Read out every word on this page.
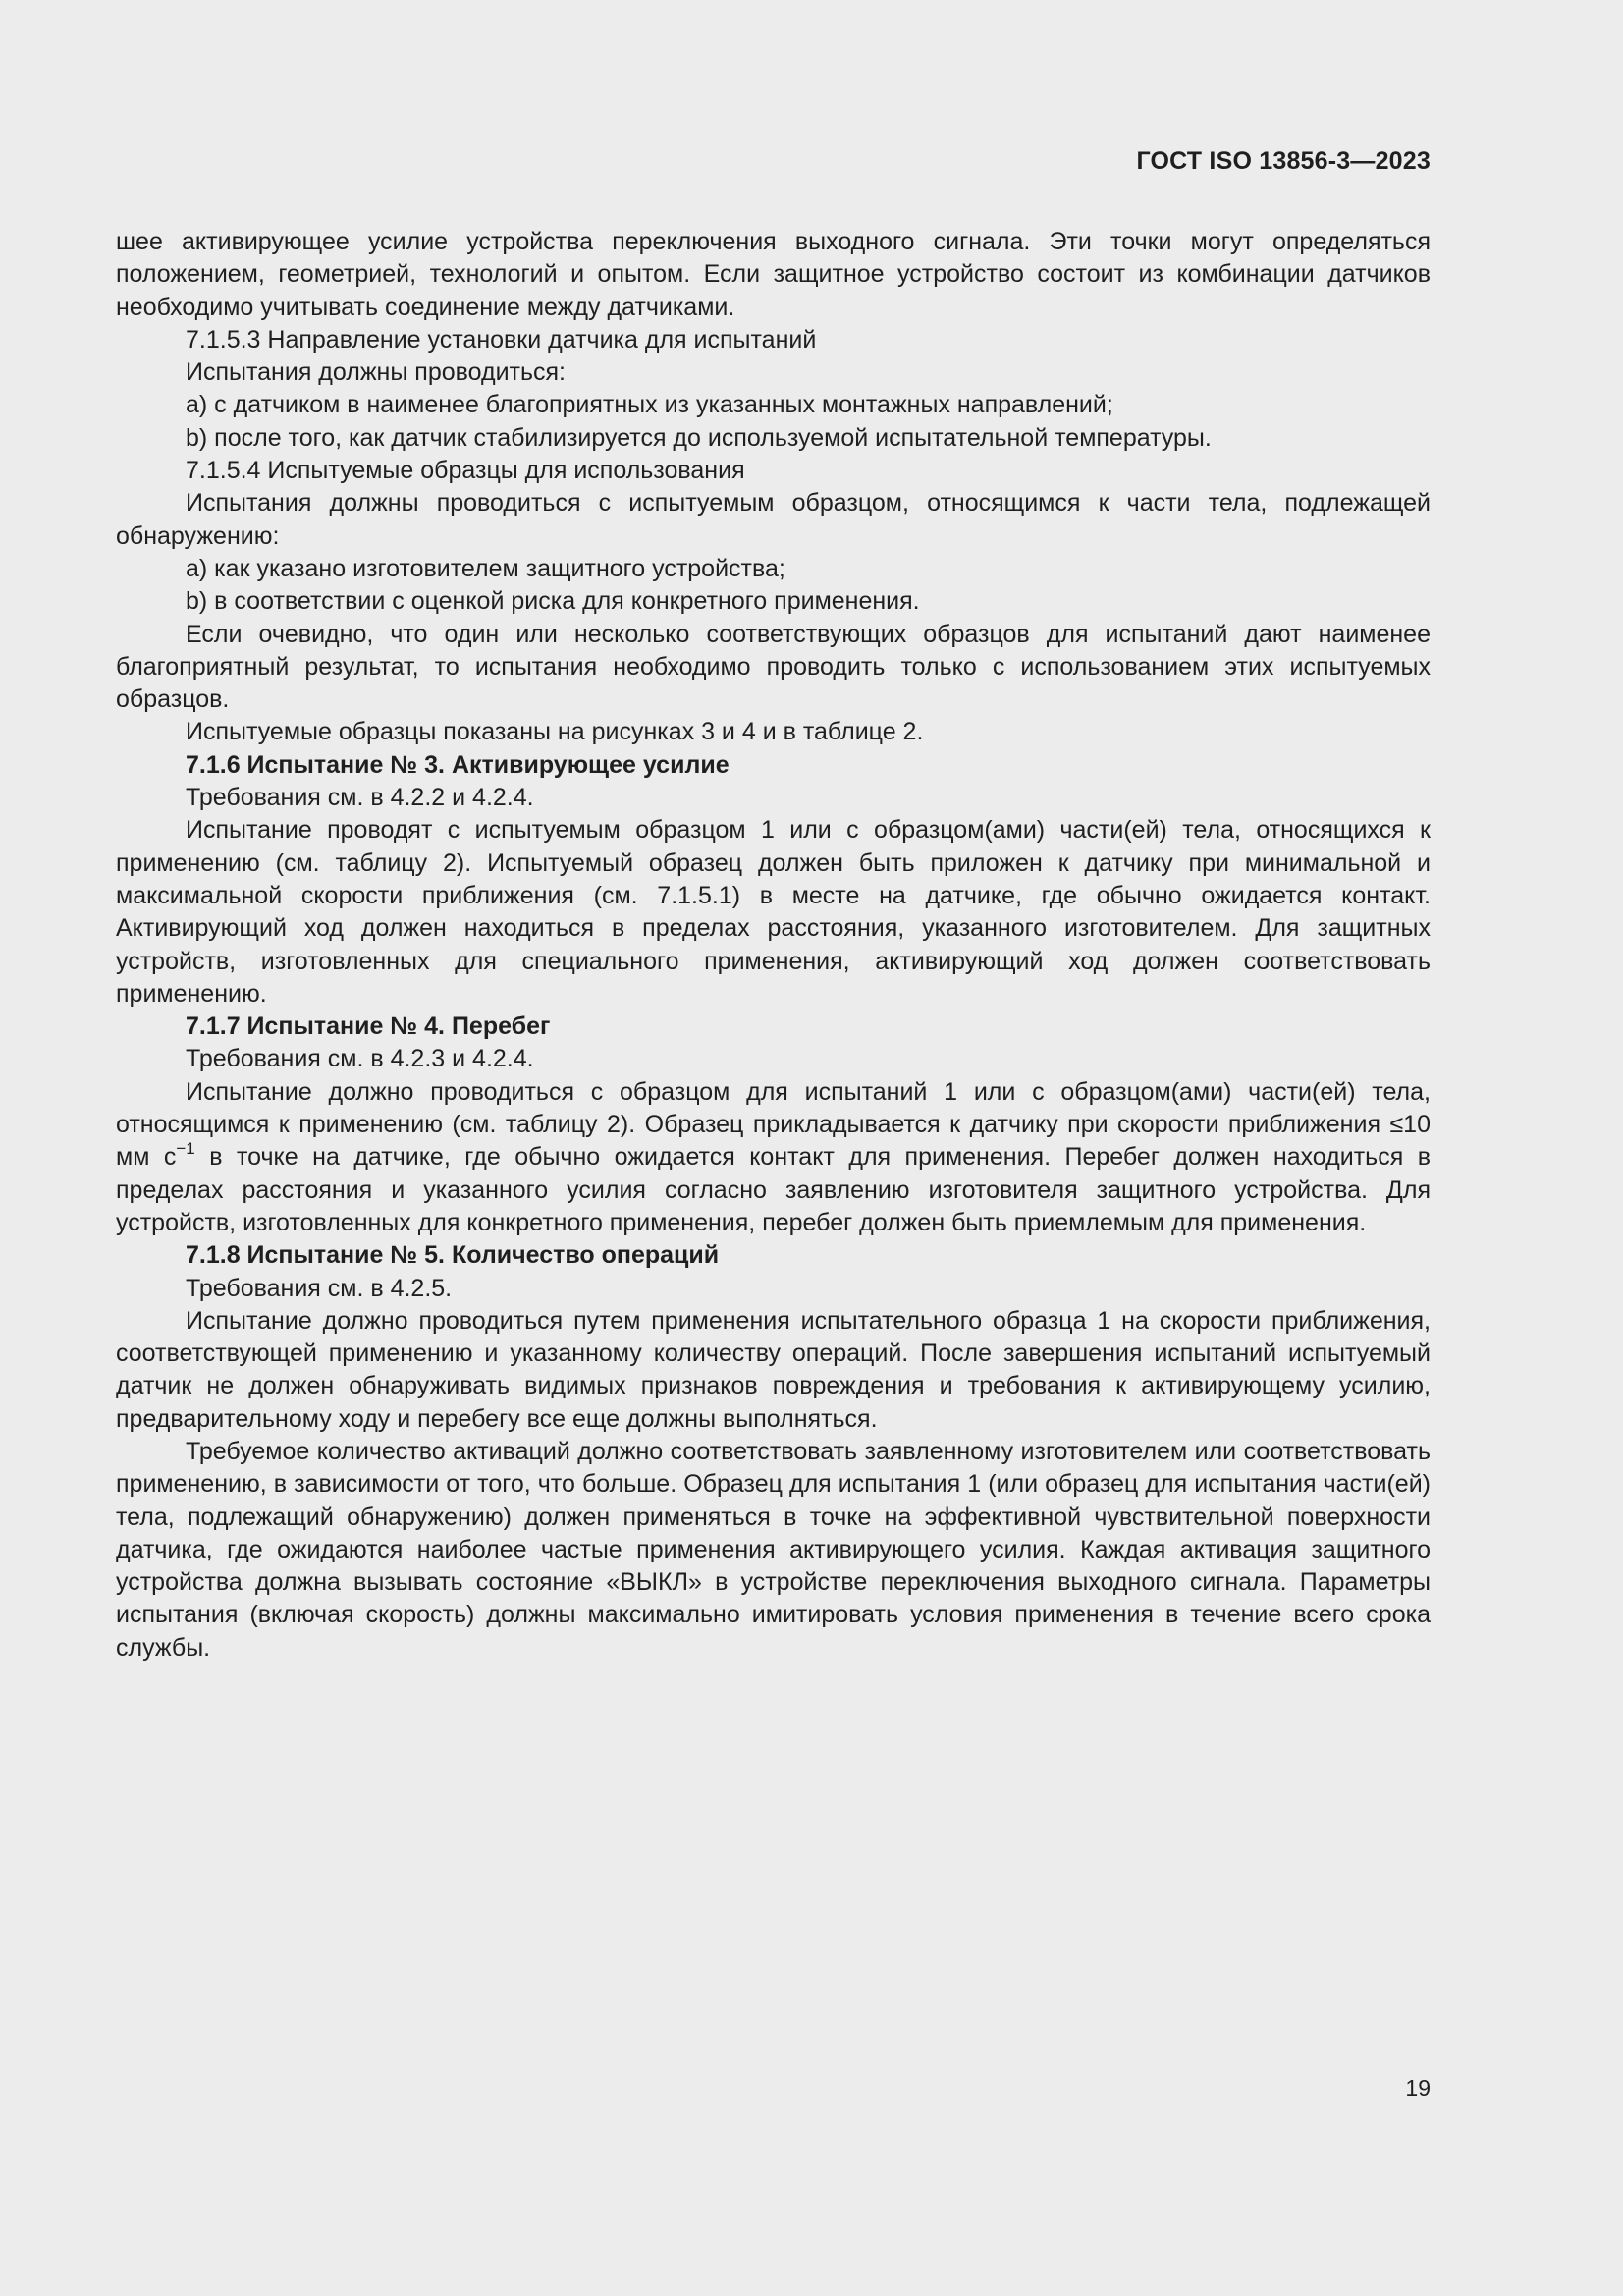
ГОСТ ISO 13856-3—2023

шее активирующее усилие устройства переключения выходного сигнала. Эти точки могут определяться положением, геометрией, технологий и опытом. Если защитное устройство состоит из комбинации датчиков необходимо учитывать соединение между датчиками.

7.1.5.3 Направление установки датчика для испытаний

Испытания должны проводиться:

a) с датчиком в наименее благоприятных из указанных монтажных направлений;

b) после того, как датчик стабилизируется до используемой испытательной температуры.

7.1.5.4 Испытуемые образцы для использования

Испытания должны проводиться с испытуемым образцом, относящимся к части тела, подлежащей обнаружению:

a) как указано изготовителем защитного устройства;

b) в соответствии с оценкой риска для конкретного применения.

Если очевидно, что один или несколько соответствующих образцов для испытаний дают наименее благоприятный результат, то испытания необходимо проводить только с использованием этих испытуемых образцов.

Испытуемые образцы показаны на рисунках 3 и 4 и в таблице 2.

7.1.6 Испытание № 3. Активирующее усилие

Требования см. в 4.2.2 и 4.2.4.

Испытание проводят с испытуемым образцом 1 или с образцом(ами) части(ей) тела, относящихся к применению (см. таблицу 2). Испытуемый образец должен быть приложен к датчику при минимальной и максимальной скорости приближения (см. 7.1.5.1) в месте на датчике, где обычно ожидается контакт. Активирующий ход должен находиться в пределах расстояния, указанного изготовителем. Для защитных устройств, изготовленных для специального применения, активирующий ход должен соответствовать применению.

7.1.7 Испытание № 4. Перебег

Требования см. в 4.2.3 и 4.2.4.

Испытание должно проводиться с образцом для испытаний 1 или с образцом(ами) части(ей) тела, относящимся к применению (см. таблицу 2). Образец прикладывается к датчику при скорости приближения ≤10 мм $с^{-1}$ в точке на датчике, где обычно ожидается контакт для применения. Перебег должен находиться в пределах расстояния и указанного усилия согласно заявлению изготовителя защитного устройства. Для устройств, изготовленных для конкретного применения, перебег должен быть приемлемым для применения.

7.1.8 Испытание № 5. Количество операций

Требования см. в 4.2.5.

Испытание должно проводиться путем применения испытательного образца 1 на скорости приближения, соответствующей применению и указанному количеству операций. После завершения испытаний испытуемый датчик не должен обнаруживать видимых признаков повреждения и требования к активирующему усилию, предварительному ходу и перебегу все еще должны выполняться.

Требуемое количество активаций должно соответствовать заявленному изготовителем или соответствовать применению, в зависимости от того, что больше. Образец для испытания 1 (или образец для испытания части(ей) тела, подлежащий обнаружению) должен применяться в точке на эффективной чувствительной поверхности датчика, где ожидаются наиболее частые применения активирующего усилия. Каждая активация защитного устройства должна вызывать состояние «ВЫКЛ» в устройстве переключения выходного сигнала. Параметры испытания (включая скорость) должны максимально имитировать условия применения в течение всего срока службы.

19
